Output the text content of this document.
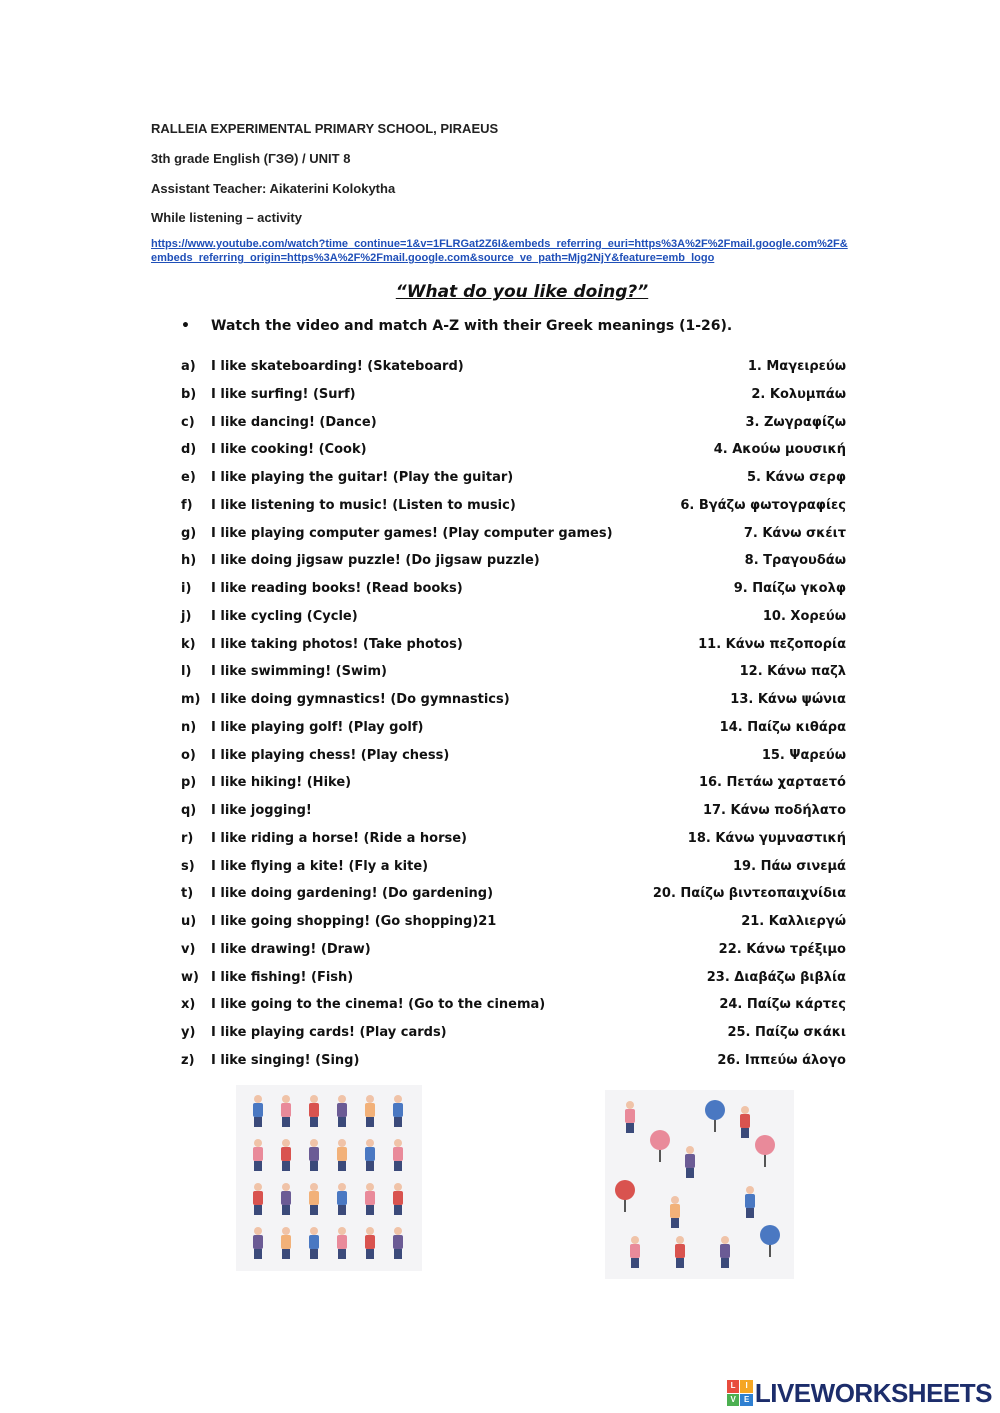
RALLEIA EXPERIMENTAL PRIMARY SCHOOL, PIRAEUS
3th grade English (ΓЗΘ) / UNIT 8
Assistant Teacher: Aikaterini Kolokytha
While listening – activity
https://www.youtube.com/watch?time_continue=1&v=1FLRGat2Z6I&embeds_referring_euri=https%3A%2F%2Fmail.google.com%2F&embeds_referring_origin=https%3A%2F%2Fmail.google.com&source_ve_path=Mjg2NjY&feature=emb_logo
“What do you like doing?”
• Watch the video and match A-Z with their Greek meanings (1-26).
a) I like skateboarding! (Skateboard)	1. Μαγειρεύω
b) I like surfing! (Surf)	2. Κολυμπάω
c) I like dancing! (Dance)	3. Ζωγραφίζω
d) I like cooking! (Cook)	4. Ακούω μουσική
e) I like playing the guitar! (Play the guitar)	5. Κάνω σερφ
f) I like listening to music! (Listen to music)	6. Βγάζω φωτογραφίες
g) I like playing computer games! (Play computer games)	7. Κάνω σκέιτ
h) I like doing jigsaw puzzle! (Do jigsaw puzzle)	8. Τραγουδάω
i) I like reading books! (Read books)	9. Παίζω γκολφ
j) I like cycling (Cycle)	10. Χορεύω
k) I like taking photos! (Take photos)	11. Κάνω πεζοπορία
l) I like swimming! (Swim)	12. Κάνω παζλ
m) I like doing gymnastics! (Do gymnastics)	13. Κάνω ψώνια
n) I like playing golf! (Play golf)	14. Παίζω κιθάρα
o) I like playing chess! (Play chess)	15. Ψαρεύω
p) I like hiking! (Hike)	16. Πετάω χαρταετό
q) I like jogging!	17. Κάνω ποδήλατο
r) I like riding a horse! (Ride a horse)	18. Κάνω γυμναστική
s) I like flying a kite! (Fly a kite)	19. Πάω σινεμά
t) I like doing gardening! (Do gardening)	20. Παίζω βιντεοπαιχνίδια
u) I like going shopping! (Go shopping)21	21. Καλλιεργώ
v) I like drawing! (Draw)	22. Κάνω τρέξιμο
w) I like fishing! (Fish)	23. Διαβάζω βιβλία
x) I like going to the cinema! (Go to the cinema)	24. Παίζω κάρτες
y) I like playing cards! (Play cards)	25. Παίζω σκάκι
z) I like singing! (Sing)	26. Ιππεύω άλογο
L	I
V	E LIVEWORKSHEETS
